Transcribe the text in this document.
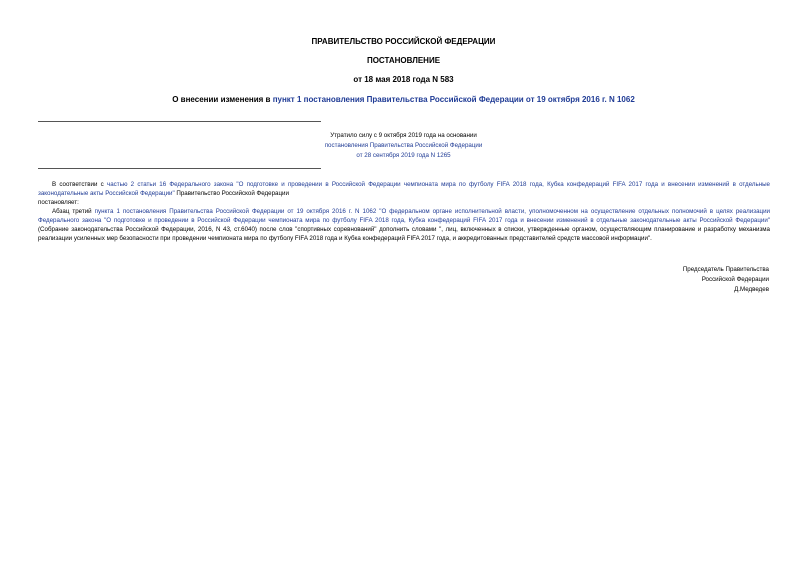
ПРАВИТЕЛЬСТВО РОССИЙСКОЙ ФЕДЕРАЦИИ
ПОСТАНОВЛЕНИЕ
от 18 мая 2018 года N 583
О внесении изменения в пункт 1 постановления Правительства Российской Федерации от 19 октября 2016 г. N 1062
Утратило силу с 9 октября 2019 года на основании
постановления Правительства Российской Федерации
от 28 сентября 2019 года N 1265

В соответствии с частью 2 статьи 16 Федерального закона "О подготовке и проведении в Российской Федерации чемпионата мира по футболу FIFA 2018 года, Кубка конфедераций FIFA 2017 года и внесении изменений в отдельные законодательные акты Российской Федерации" Правительство Российской Федерации

постановляет:

Абзац третий пункта 1 постановления Правительства Российской Федерации от 19 октября 2016 г. N 1062 "О федеральном органе исполнительной власти, уполномоченном на осуществление отдельных полномочий в целях реализации Федерального закона "О подготовке и проведении в Российской Федерации чемпионата мира по футболу FIFA 2018 года, Кубка конфедераций FIFA 2017 года и внесении изменений в отдельные законодательные акты Российской Федерации" (Собрание законодательства Российской Федерации, 2016, N 43, ст.6040) после слов "спортивных соревнований" дополнить словами ", лиц, включенных в списки, утвержденные органом, осуществляющим планирование и разработку механизма реализации усиленных мер безопасности при проведении чемпионата мира по футболу FIFA 2018 года и Кубка конфедераций FIFA 2017 года, и аккредитованных представителей средств массовой информации".

Председатель Правительства
Российской Федерации
Д.Медведев
